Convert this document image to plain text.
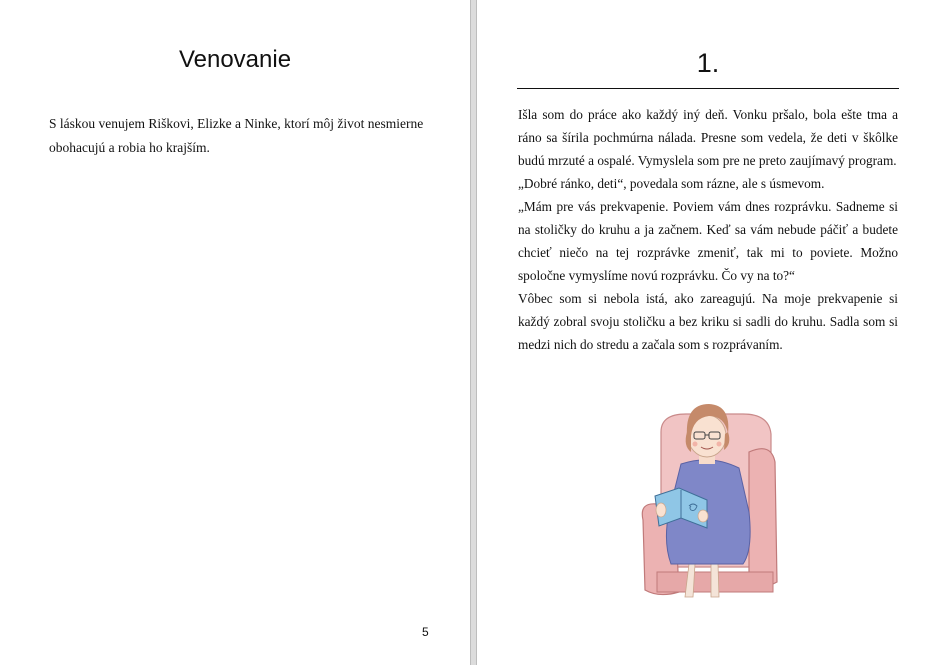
Venovanie
S láskou venujem Riškovi, Elizke a Ninke, ktorí môj život nesmierne obohacujú a robia ho krajším.
5
1.

Išla som do práce ako každý iný deň. Vonku pršalo, bola ešte tma a ráno sa šírila pochmúrna nálada. Presne som vedela, že deti v škôlke budú mrzuté a ospalé. Vymyslela som pre ne preto zaujímavý program.

„Dobré ránko, deti“, povedala som rázne, ale s úsmevom.

„Mám pre vás prekvapenie. Poviem vám dnes rozprávku. Sadneme si na stoličky do kruhu a ja začnem. Keď sa vám nebude páčiť a budete chcieť niečo na tej rozprávke zmeniť, tak mi to poviete. Možno spoločne vymyslíme novú rozprávku. Čo vy na to?“

Vôbec som si nebola istá, ako zareagujú. Na moje prekvapenie si každý zobral svoju stoličku a bez kriku si sadli do kruhu. Sadla som si medzi nich do stredu a začala som s rozprávaním.
